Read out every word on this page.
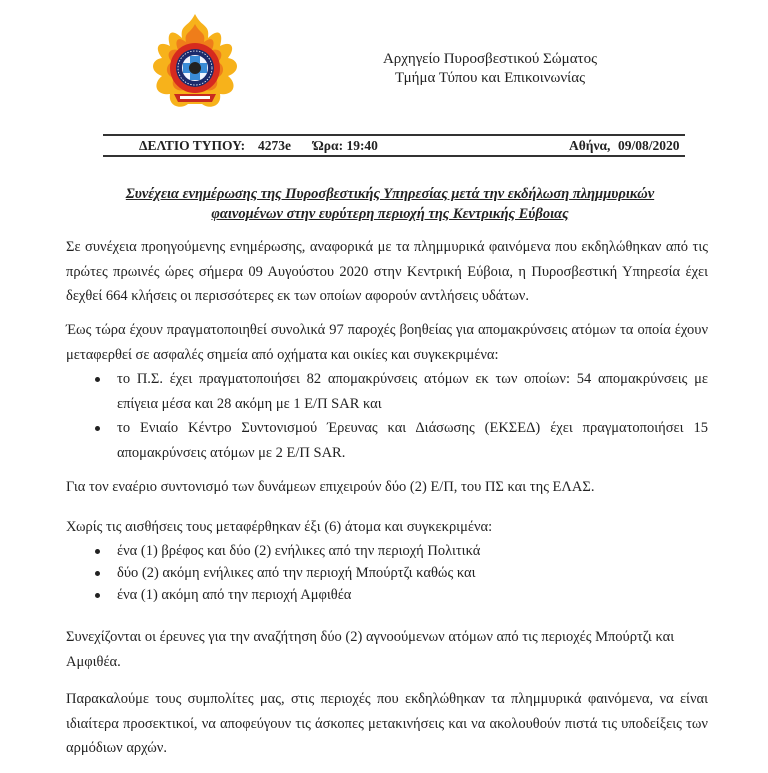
Αρχηγείο Πυροσβεστικού Σώματος
Τμήμα Τύπου και Επικοινωνίας
ΔΕΛΤΙΟ ΤΥΠΟΥ: 4273e Ώρα: 19:40	Αθήνα, 09/08/2020
Συνέχεια ενημέρωσης της Πυροσβεστικής Υπηρεσίας μετά την εκδήλωση πλημμυρικών
φαινομένων στην ευρύτερη περιοχή της Κεντρικής Εύβοιας
Σε συνέχεια προηγούμενης ενημέρωσης, αναφορικά με τα πλημμυρικά φαινόμενα που εκδηλώθηκαν από τις πρώτες πρωινές ώρες σήμερα 09 Αυγούστου 2020 στην Κεντρική Εύβοια, η Πυροσβεστική Υπηρεσία έχει δεχθεί 664 κλήσεις οι περισσότερες εκ των οποίων αφορούν αντλήσεις υδάτων.
Έως τώρα έχουν πραγματοποιηθεί συνολικά 97 παροχές βοηθείας για απομακρύνσεις ατόμων τα οποία έχουν μεταφερθεί σε ασφαλές σημεία από οχήματα και οικίες και συγκεκριμένα:
το Π.Σ. έχει πραγματοποιήσει 82 απομακρύνσεις ατόμων εκ των οποίων: 54 απομακρύνσεις με επίγεια μέσα και 28 ακόμη με 1 Ε/Π SAR και
το Ενιαίο Κέντρο Συντονισμού Έρευνας και Διάσωσης (ΕΚΣΕΔ) έχει πραγματοποιήσει 15 απομακρύνσεις ατόμων με 2 Ε/Π SAR.
Για τον εναέριο συντονισμό των δυνάμεων επιχειρούν δύο (2) Ε/Π, του ΠΣ και της ΕΛΑΣ.
Χωρίς τις αισθήσεις τους μεταφέρθηκαν έξι (6) άτομα και συγκεκριμένα:
ένα (1) βρέφος και δύο (2) ενήλικες από την περιοχή Πολιτικά
δύο (2) ακόμη ενήλικες από την περιοχή Μπούρτζι καθώς και
ένα (1) ακόμη από την περιοχή Αμφιθέα
Συνεχίζονται οι έρευνες για την αναζήτηση δύο (2) αγνοούμενων ατόμων από τις περιοχές Μπούρτζι και Αμφιθέα.
Παρακαλούμε τους συμπολίτες μας, στις περιοχές που εκδηλώθηκαν τα πλημμυρικά φαινόμενα, να είναι ιδιαίτερα προσεκτικοί, να αποφεύγουν τις άσκοπες μετακινήσεις και να ακολουθούν πιστά τις υποδείξεις των αρμόδιων αρχών.
